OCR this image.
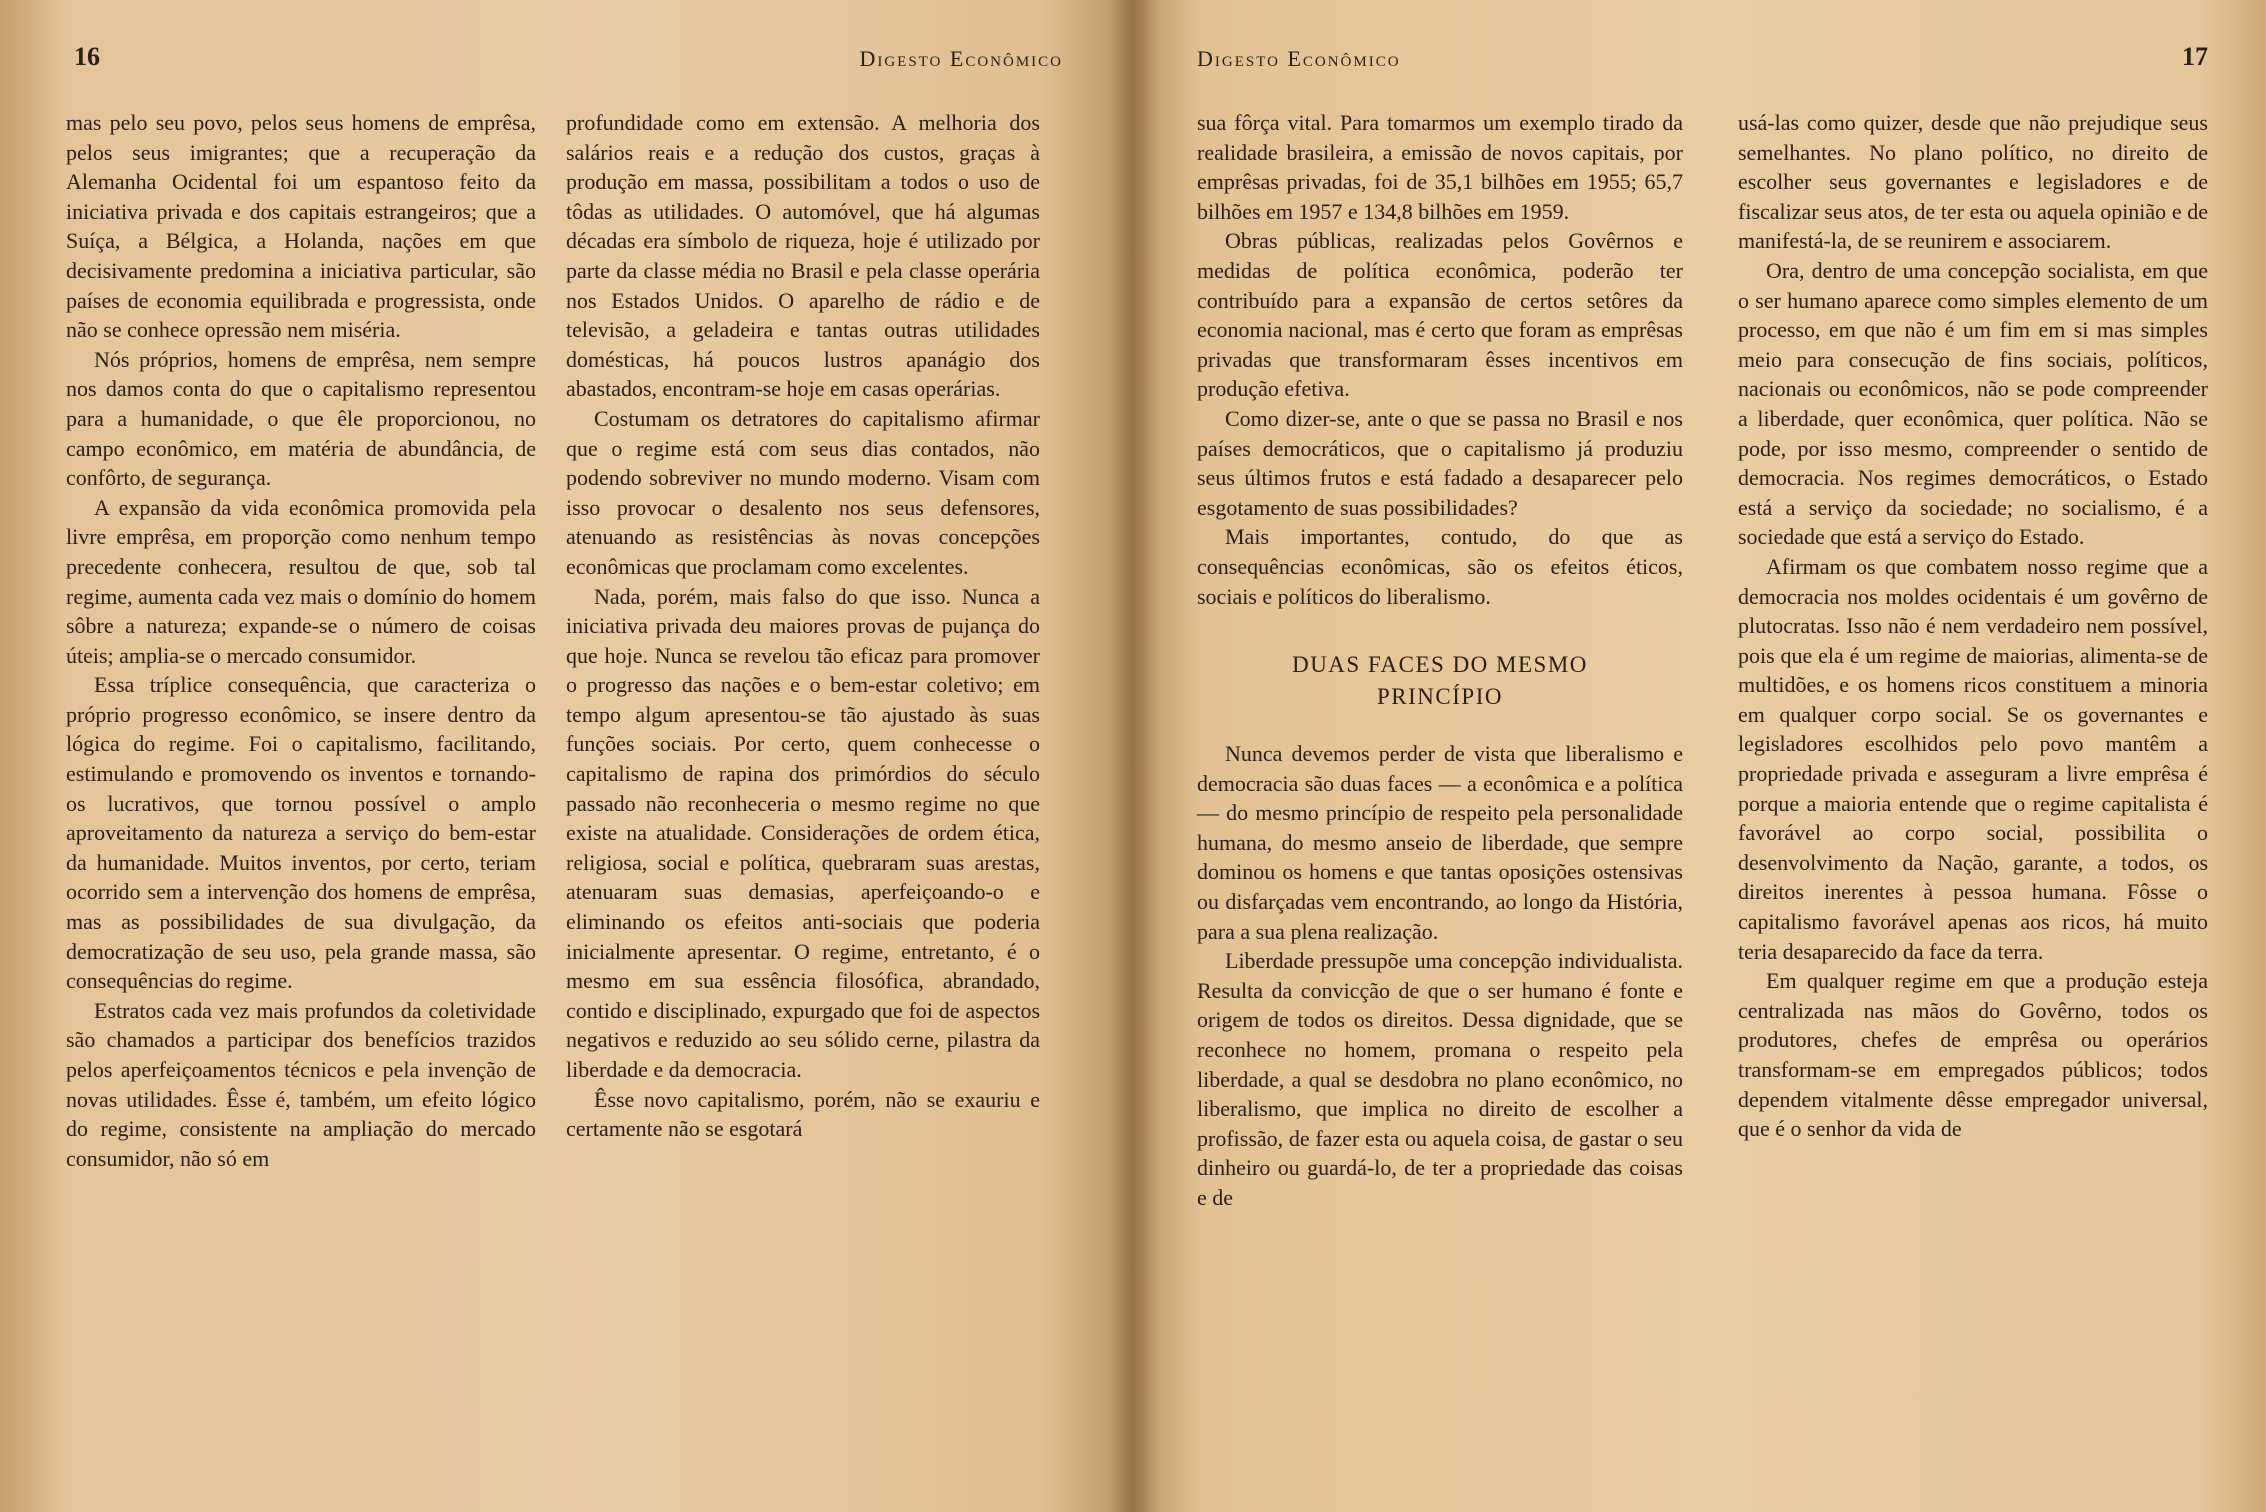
16	Digesto Econômico

mas pelo seu povo, pelos seus homens de emprêsa, pelos seus imigrantes; que a recuperação da Alemanha Ocidental foi um espantoso feito da iniciativa privada e dos capitais estrangeiros; que a Suíça, a Bélgica, a Holanda, nações em que decisivamente predomina a iniciativa particular, são países de economia equilibrada e progressista, onde não se conhece opressão nem miséria.

Nós próprios, homens de emprêsa, nem sempre nos damos conta do que o capitalismo representou para a humanidade, o que êle proporcionou, no campo econômico, em matéria de abundância, de confôrto, de segurança.

A expansão da vida econômica promovida pela livre emprêsa, em proporção como nenhum tempo precedente conhecera, resultou de que, sob tal regime, aumenta cada vez mais o domínio do homem sôbre a natureza; expande-se o número de coisas úteis; amplia-se o mercado consumidor.

Essa tríplice consequência, que caracteriza o próprio progresso econômico, se insere dentro da lógica do regime. Foi o capitalismo, facilitando, estimulando e promovendo os inventos e tornando-os lucrativos, que tornou possível o amplo aproveitamento da natureza a serviço do bem-estar da humanidade. Muitos inventos, por certo, teriam ocorrido sem a intervenção dos homens de emprêsa, mas as possibilidades de sua divulgação, da democratização de seu uso, pela grande massa, são consequências do regime.

Estratos cada vez mais profundos da coletividade são chamados a participar dos benefícios trazidos pelos aperfeiçoamentos técnicos e pela invenção de novas utilidades. Êsse é, também, um efeito lógico do regime, consistente na ampliação do mercado consumidor, não só em

profundidade como em extensão. A melhoria dos salários reais e a redução dos custos, graças à produção em massa, possibilitam a todos o uso de tôdas as utilidades. O automóvel, que há algumas décadas era símbolo de riqueza, hoje é utilizado por parte da classe média no Brasil e pela classe operária nos Estados Unidos. O aparelho de rádio e de televisão, a geladeira e tantas outras utilidades domésticas, há poucos lustros apanágio dos abastados, encontram-se hoje em casas operárias.

Costumam os detratores do capitalismo afirmar que o regime está com seus dias contados, não podendo sobreviver no mundo moderno. Visam com isso provocar o desalento nos seus defensores, atenuando as resistências às novas concepções econômicas que proclamam como excelentes.

Nada, porém, mais falso do que isso. Nunca a iniciativa privada deu maiores provas de pujança do que hoje. Nunca se revelou tão eficaz para promover o progresso das nações e o bem-estar coletivo; em tempo algum apresentou-se tão ajustado às suas funções sociais. Por certo, quem conhecesse o capitalismo de rapina dos primórdios do século passado não reconheceria o mesmo regime no que existe na atualidade. Considerações de ordem ética, religiosa, social e política, quebraram suas arestas, atenuaram suas demasias, aperfeiçoando-o e eliminando os efeitos anti-sociais que poderia inicialmente apresentar. O regime, entretanto, é o mesmo em sua essência filosófica, abrandado, contido e disciplinado, expurgado que foi de aspectos negativos e reduzido ao seu sólido cerne, pilastra da liberdade e da democracia.

Êsse novo capitalismo, porém, não se exauriu e certamente não se esgotará

Digesto Econômico	17

sua fôrça vital. Para tomarmos um exemplo tirado da realidade brasileira, a emissão de novos capitais, por emprêsas privadas, foi de 35,1 bilhões em 1955; 65,7 bilhões em 1957 e 134,8 bilhões em 1959.

Obras públicas, realizadas pelos Govêrnos e medidas de política econômica, poderão ter contribuído para a expansão de certos setôres da economia nacional, mas é certo que foram as emprêsas privadas que transformaram êsses incentivos em produção efetiva.

Como dizer-se, ante o que se passa no Brasil e nos países democráticos, que o capitalismo já produziu seus últimos frutos e está fadado a desaparecer pelo esgotamento de suas possibilidades?

Mais importantes, contudo, do que as consequências econômicas, são os efeitos éticos, sociais e políticos do liberalismo.

DUAS FACES DO MESMO
PRINCÍPIO

Nunca devemos perder de vista que liberalismo e democracia são duas faces — a econômica e a política — do mesmo princípio de respeito pela personalidade humana, do mesmo anseio de liberdade, que sempre dominou os homens e que tantas oposições ostensivas ou disfarçadas vem encontrando, ao longo da História, para a sua plena realização.

Liberdade pressupõe uma concepção individualista. Resulta da convicção de que o ser humano é fonte e origem de todos os direitos. Dessa dignidade, que se reconhece no homem, promana o respeito pela liberdade, a qual se desdobra no plano econômico, no liberalismo, que implica no direito de escolher a profissão, de fazer esta ou aquela coisa, de gastar o seu dinheiro ou guardá-lo, de ter a propriedade das coisas e de

usá-las como quizer, desde que não prejudique seus semelhantes. No plano político, no direito de escolher seus governantes e legisladores e de fiscalizar seus atos, de ter esta ou aquela opinião e de manifestá-la, de se reunirem e associarem.

Ora, dentro de uma concepção socialista, em que o ser humano aparece como simples elemento de um processo, em que não é um fim em si mas simples meio para consecução de fins sociais, políticos, nacionais ou econômicos, não se pode compreender a liberdade, quer econômica, quer política. Não se pode, por isso mesmo, compreender o sentido de democracia. Nos regimes democráticos, o Estado está a serviço da sociedade; no socialismo, é a sociedade que está a serviço do Estado.

Afirmam os que combatem nosso regime que a democracia nos moldes ocidentais é um govêrno de plutocratas. Isso não é nem verdadeiro nem possível, pois que ela é um regime de maiorias, alimenta-se de multidões, e os homens ricos constituem a minoria em qualquer corpo social. Se os governantes e legisladores escolhidos pelo povo mantêm a propriedade privada e asseguram a livre emprêsa é porque a maioria entende que o regime capitalista é favorável ao corpo social, possibilita o desenvolvimento da Nação, garante, a todos, os direitos inerentes à pessoa humana. Fôsse o capitalismo favorável apenas aos ricos, há muito teria desaparecido da face da terra.

Em qualquer regime em que a produção esteja centralizada nas mãos do Govêrno, todos os produtores, chefes de emprêsa ou operários transformam-se em empregados públicos; todos dependem vitalmente dêsse empregador universal, que é o senhor da vida de
